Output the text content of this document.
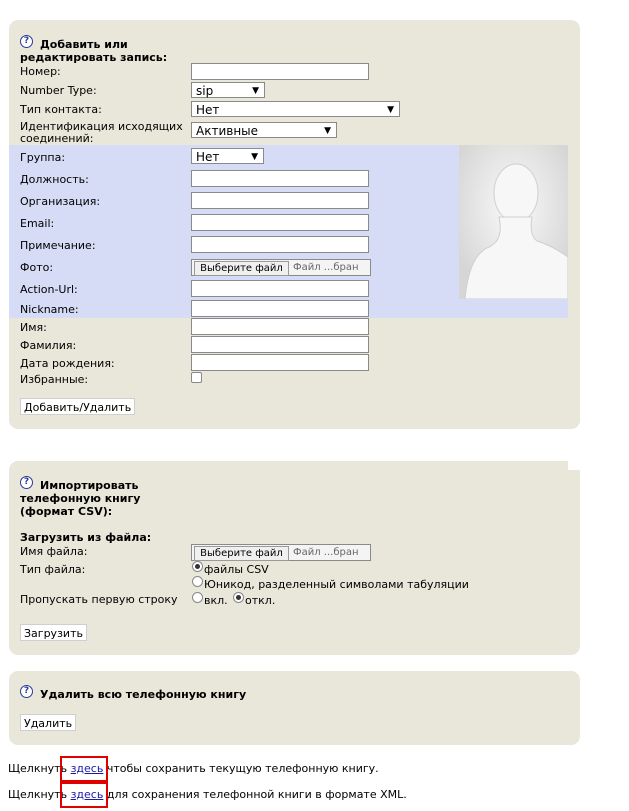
? Добавить или
редактировать запись:
Номер:
Number Type:	sip	▼
Тип контакта:	Нет	▼
Идентификация исходящих
соединений:
Активные	▼
Группа:	Нет	▼
Должность:
Организация:
Email:
Примечание:
Фото:	Выберите файл	Файл ...бран
Action-Url:
Nickname:
Имя:
Фамилия:
Дата рождения:
Избранные:
Добавить/Удалить
? Импортировать
телефонную книгу
(формат CSV):
Загрузить из файла:
Имя файла:	Выберите файл	Файл ...бран
Тип файла:	файлы CSV
Юникод, разделенный символами табуляции
Пропускать первую строку вкл. откл.
Загрузить
? Удалить всю телефонную книгу
Удалить
Щелкнуть здесь чтобы сохранить текущую телефонную книгу.
Щелкнуть здесь для сохранения телефонной книги в формате XML.
